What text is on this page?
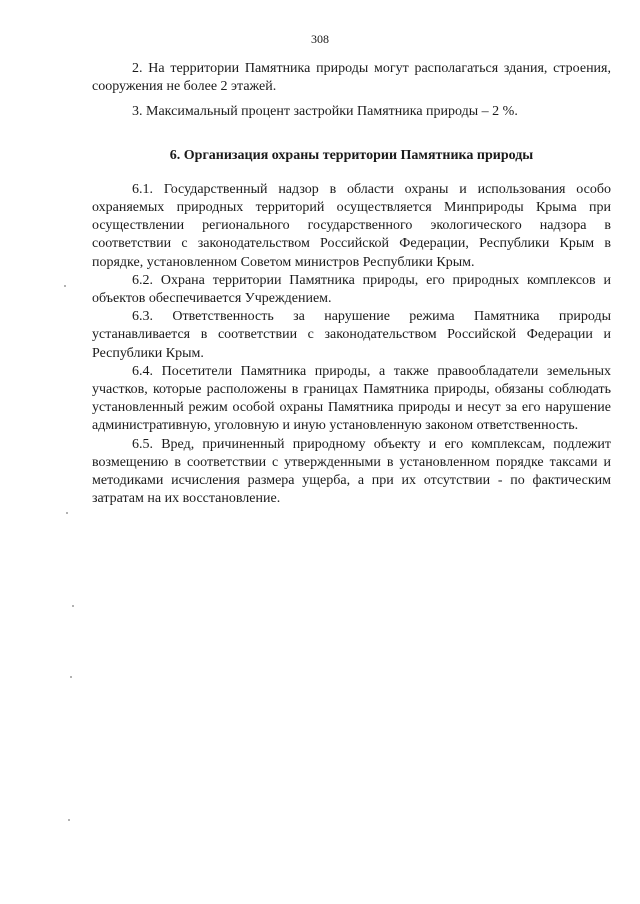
308

2. На территории Памятника природы могут располагаться здания, строения, сооружения не более 2 этажей.

3. Максимальный процент застройки Памятника природы – 2 %.

6. Организация охраны территории Памятника природы

6.1. Государственный надзор в области охраны и использования особо охраняемых природных территорий осуществляется Минприроды Крыма при осуществлении регионального государственного экологического надзора в соответствии с законодательством Российской Федерации, Республики Крым в порядке, установленном Советом министров Республики Крым.

6.2. Охрана территории Памятника природы, его природных комплексов и объектов обеспечивается Учреждением.

6.3. Ответственность за нарушение режима Памятника природы устанавливается в соответствии с законодательством Российской Федерации и Республики Крым.

6.4. Посетители Памятника природы, а также правообладатели земельных участков, которые расположены в границах Памятника природы, обязаны соблюдать установленный режим особой охраны Памятника природы и несут за его нарушение административную, уголовную и иную установленную законом ответственность.

6.5. Вред, причиненный природному объекту и его комплексам, подлежит возмещению в соответствии с утвержденными в установленном порядке таксами и методиками исчисления размера ущерба, а при их отсутствии - по фактическим затратам на их восстановление.
